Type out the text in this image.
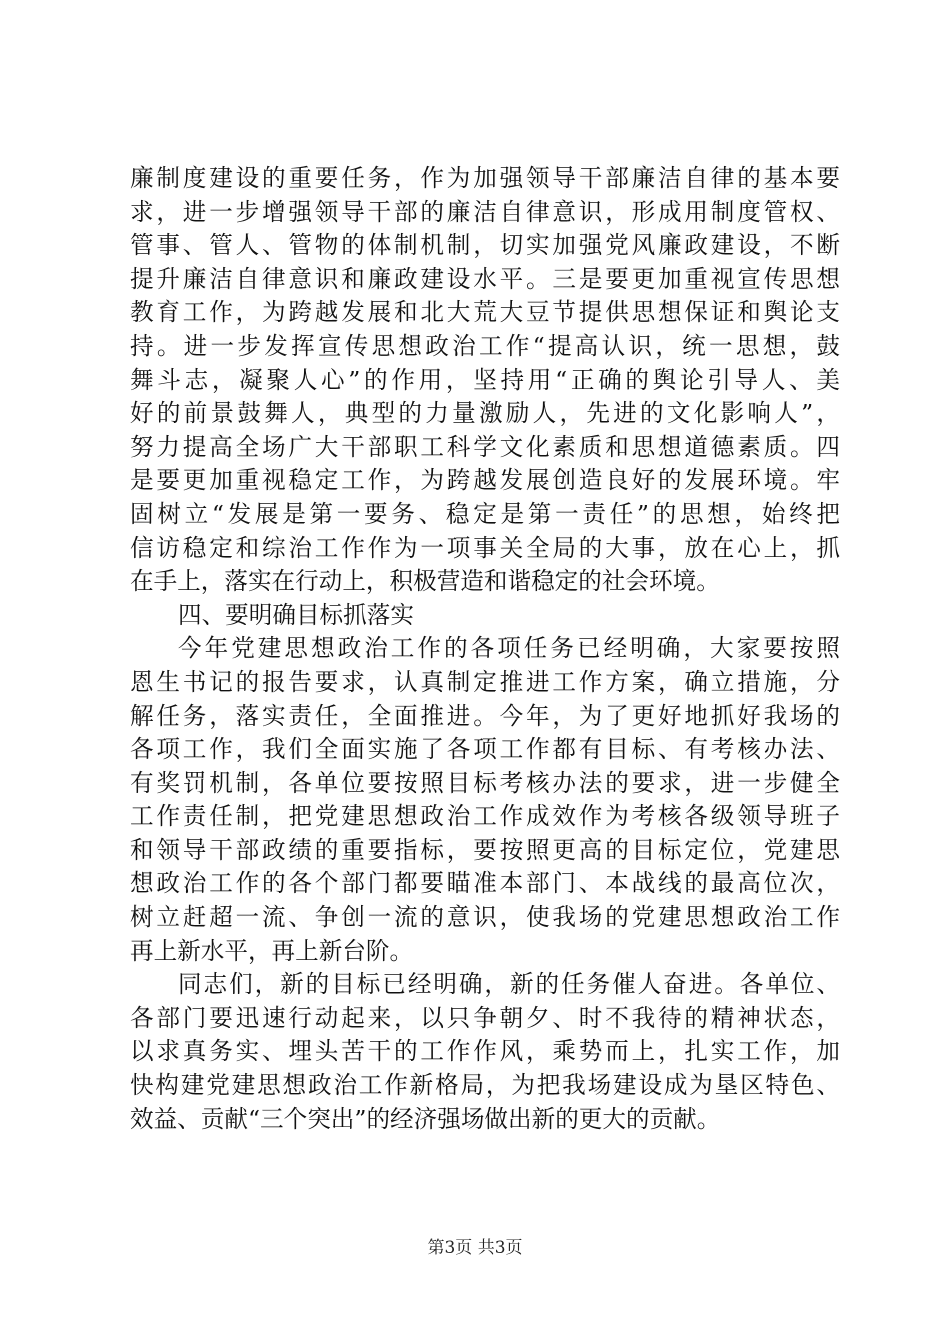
廉制度建设的重要任务，作为加强领导干部廉洁自律的基本要
求，进一步增强领导干部的廉洁自律意识，形成用制度管权、
管事、管人、管物的体制机制，切实加强党风廉政建设，不断
提升廉洁自律意识和廉政建设水平。三是要更加重视宣传思想
教育工作，为跨越发展和北大荒大豆节提供思想保证和舆论支
持。进一步发挥宣传思想政治工作“提高认识，统一思想，鼓
舞斗志，凝聚人心”的作用，坚持用“正确的舆论引导人、美
好的前景鼓舞人，典型的力量激励人，先进的文化影响人”，
努力提高全场广大干部职工科学文化素质和思想道德素质。四
是要更加重视稳定工作，为跨越发展创造良好的发展环境。牢
固树立“发展是第一要务、稳定是第一责任”的思想，始终把
信访稳定和综治工作作为一项事关全局的大事，放在心上，抓
在手上，落实在行动上，积极营造和谐稳定的社会环境。
四、要明确目标抓落实
今年党建思想政治工作的各项任务已经明确，大家要按照
恩生书记的报告要求，认真制定推进工作方案，确立措施，分
解任务，落实责任，全面推进。今年，为了更好地抓好我场的
各项工作，我们全面实施了各项工作都有目标、有考核办法、
有奖罚机制，各单位要按照目标考核办法的要求，进一步健全
工作责任制，把党建思想政治工作成效作为考核各级领导班子
和领导干部政绩的重要指标，要按照更高的目标定位，党建思
想政治工作的各个部门都要瞄准本部门、本战线的最高位次，
树立赶超一流、争创一流的意识，使我场的党建思想政治工作
再上新水平，再上新台阶。
同志们，新的目标已经明确，新的任务催人奋进。各单位、
各部门要迅速行动起来，以只争朝夕、时不我待的精神状态，
以求真务实、埋头苦干的工作作风，乘势而上，扎实工作，加
快构建党建思想政治工作新格局，为把我场建设成为垦区特色、
效益、贡献“三个突出”的经济强场做出新的更大的贡献。
第3页 共3页
